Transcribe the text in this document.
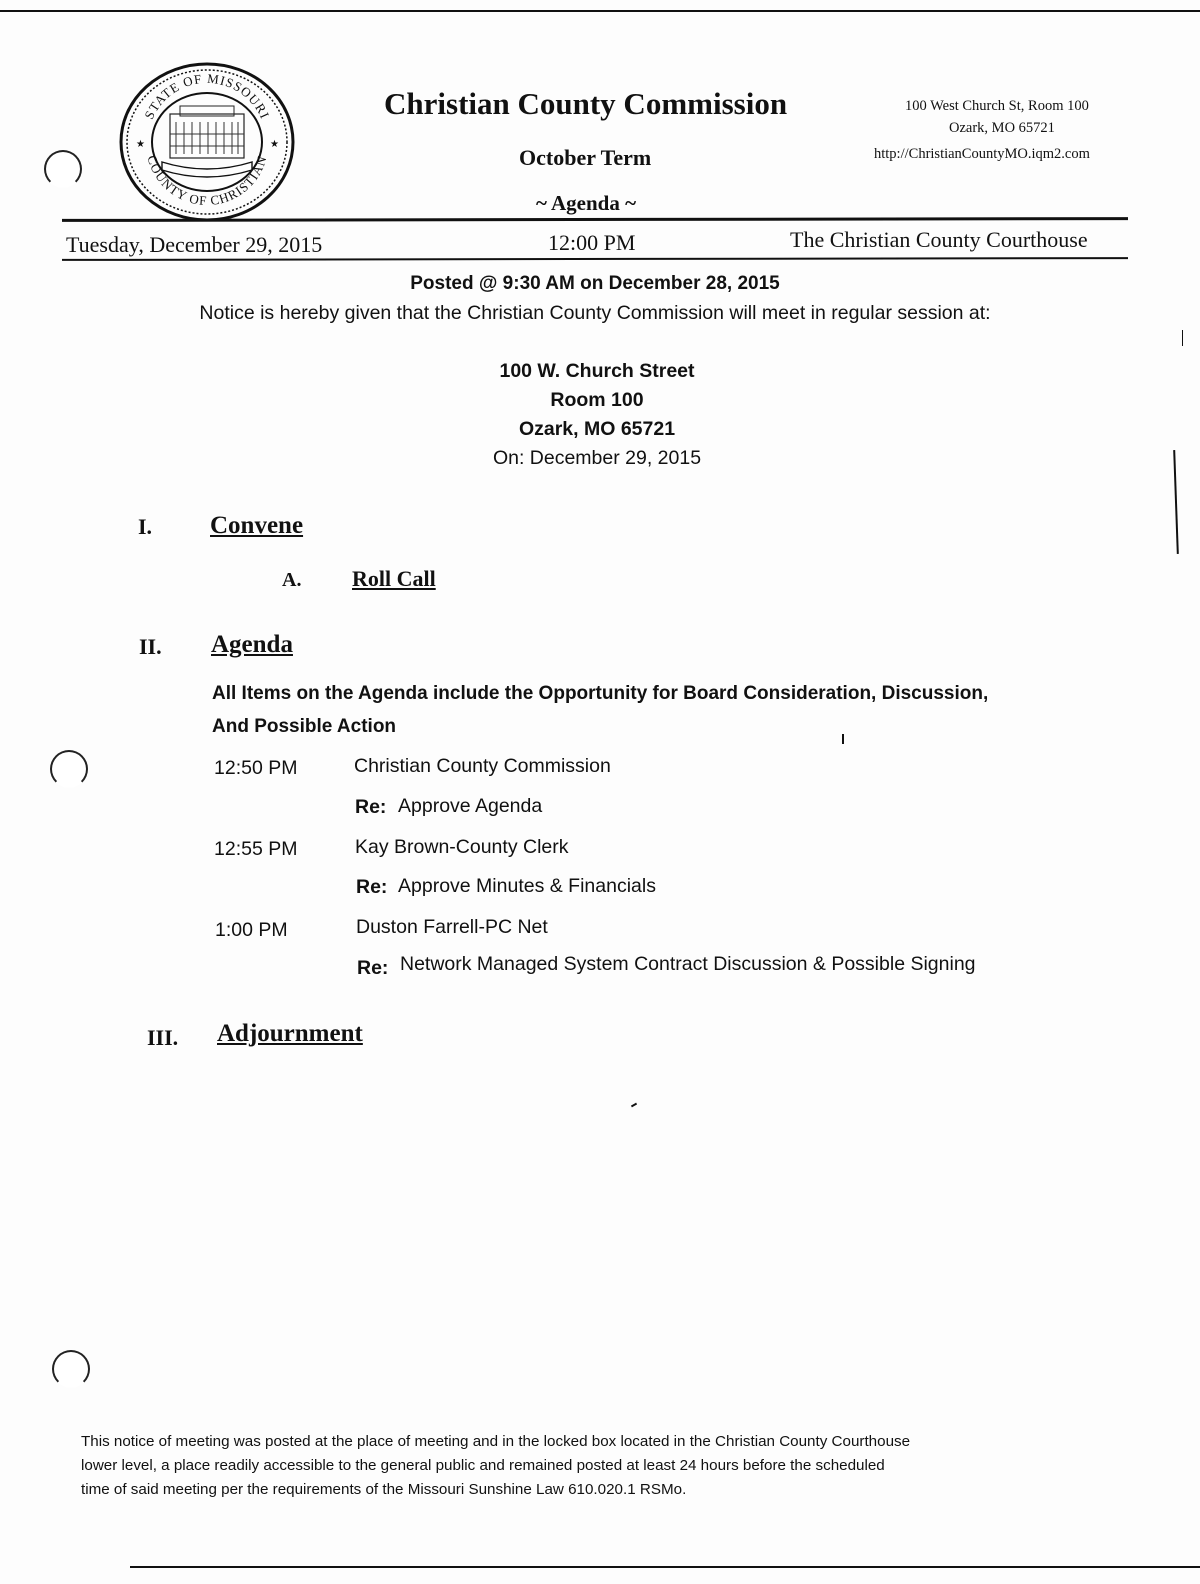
STATE OF MISSOURI
COUNTY OF CHRISTIAN
★	★
Christian County Commission
October Term
~ Agenda ~
100 West Church St, Room 100
Ozark, MO 65721
http://ChristianCountyMO.iqm2.com
Tuesday, December 29, 2015	12:00 PM	The Christian County Courthouse
Posted @ 9:30 AM on December 28, 2015
Notice is hereby given that the Christian County Commission will meet in regular session at:
100 W. Church Street
Room 100
Ozark, MO 65721
On: December 29, 2015
I. Convene
A. Roll Call
II. Agenda
All Items on the Agenda include the Opportunity for Board Consideration, Discussion,
And Possible Action
12:50 PM	Christian County Commission
Re: Approve Agenda
12:55 PM	Kay Brown-County Clerk
Re: Approve Minutes & Financials
1:00 PM	Duston Farrell-PC Net
Re: Network Managed System Contract Discussion & Possible Signing
III. Adjournment
This notice of meeting was posted at the place of meeting and in the locked box located in the Christian County Courthouse
lower level, a place readily accessible to the general public and remained posted at least 24 hours before the scheduled
time of said meeting per the requirements of the Missouri Sunshine Law 610.020.1 RSMo.
